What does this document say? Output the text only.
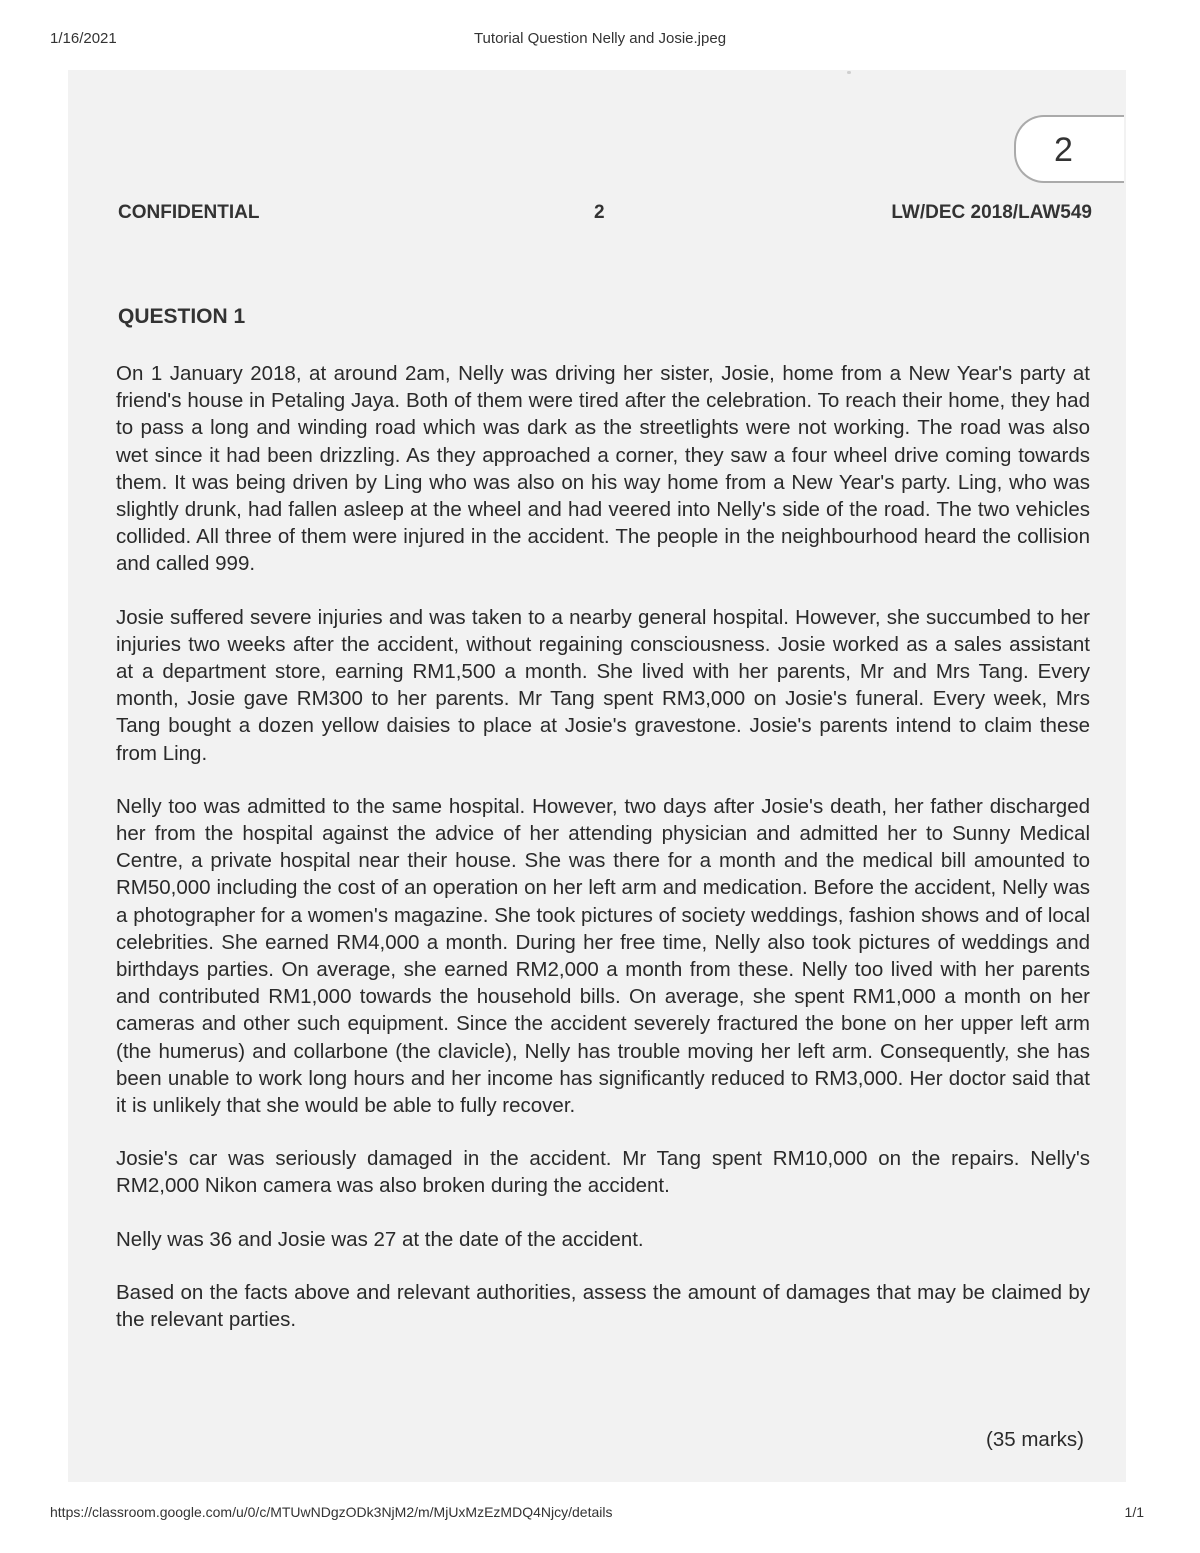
1/16/2021	Tutorial Question Nelly and Josie.jpeg
2
CONFIDENTIAL	2	LW/DEC 2018/LAW549
QUESTION 1

On 1 January 2018, at around 2am, Nelly was driving her sister, Josie, home from a New Year's party at friend's house in Petaling Jaya. Both of them were tired after the celebration. To reach their home, they had to pass a long and winding road which was dark as the streetlights were not working. The road was also wet since it had been drizzling. As they approached a corner, they saw a four wheel drive coming towards them. It was being driven by Ling who was also on his way home from a New Year's party. Ling, who was slightly drunk, had fallen asleep at the wheel and had veered into Nelly's side of the road. The two vehicles collided. All three of them were injured in the accident. The people in the neighbourhood heard the collision and called 999.

Josie suffered severe injuries and was taken to a nearby general hospital. However, she succumbed to her injuries two weeks after the accident, without regaining consciousness. Josie worked as a sales assistant at a department store, earning RM1,500 a month. She lived with her parents, Mr and Mrs Tang. Every month, Josie gave RM300 to her parents. Mr Tang spent RM3,000 on Josie's funeral. Every week, Mrs Tang bought a dozen yellow daisies to place at Josie's gravestone. Josie's parents intend to claim these from Ling.

Nelly too was admitted to the same hospital. However, two days after Josie's death, her father discharged her from the hospital against the advice of her attending physician and admitted her to Sunny Medical Centre, a private hospital near their house. She was there for a month and the medical bill amounted to RM50,000 including the cost of an operation on her left arm and medication. Before the accident, Nelly was a photographer for a women's magazine. She took pictures of society weddings, fashion shows and of local celebrities. She earned RM4,000 a month. During her free time, Nelly also took pictures of weddings and birthdays parties. On average, she earned RM2,000 a month from these. Nelly too lived with her parents and contributed RM1,000 towards the household bills. On average, she spent RM1,000 a month on her cameras and other such equipment. Since the accident severely fractured the bone on her upper left arm (the humerus) and collarbone (the clavicle), Nelly has trouble moving her left arm. Consequently, she has been unable to work long hours and her income has significantly reduced to RM3,000. Her doctor said that it is unlikely that she would be able to fully recover.

Josie's car was seriously damaged in the accident. Mr Tang spent RM10,000 on the repairs. Nelly's RM2,000 Nikon camera was also broken during the accident.

Nelly was 36 and Josie was 27 at the date of the accident.

Based on the facts above and relevant authorities, assess the amount of damages that may be claimed by the relevant parties.

(35 marks)
https://classroom.google.com/u/0/c/MTUwNDgzODk3NjM2/m/MjUxMzEzMDQ4Njcy/details	1/1
